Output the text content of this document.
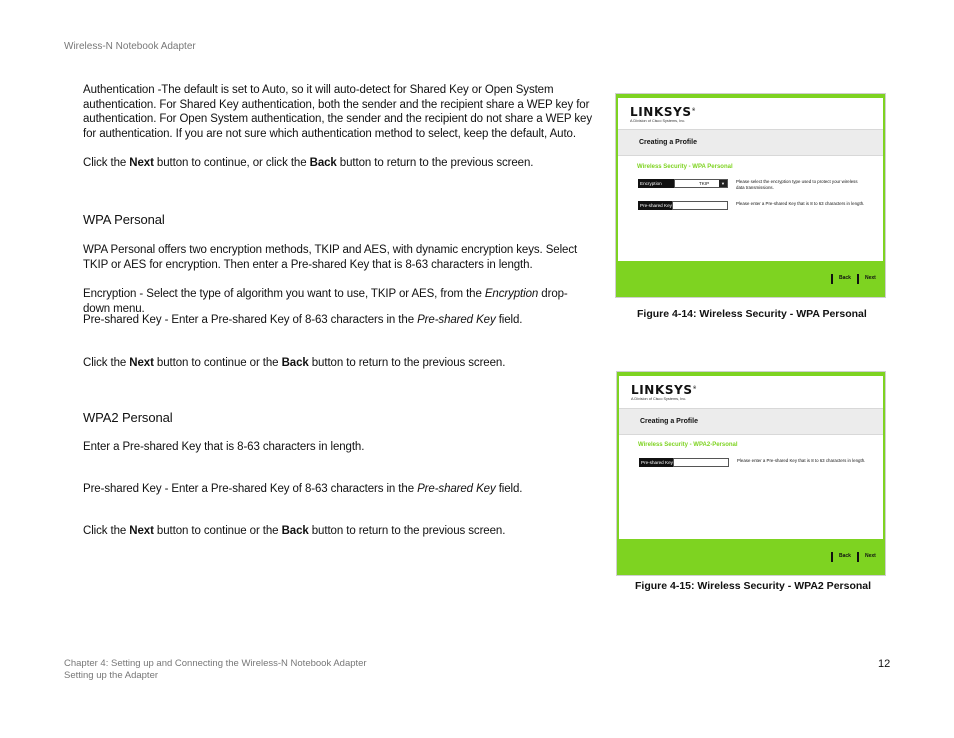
Wireless-N Notebook Adapter

Authentication -The default is set to Auto, so it will auto-detect for Shared Key or Open System authentication. For Shared Key authentication, both the sender and the recipient share a WEP key for authentication. For Open System authentication, the sender and the recipient do not share a WEP key for authentication. If you are not sure which authentication method to select, keep the default, Auto.

Click the Next button to continue, or click the Back button to return to the previous screen.

WPA Personal

WPA Personal offers two encryption methods, TKIP and AES, with dynamic encryption keys. Select TKIP or AES for encryption. Then enter a Pre-shared Key that is 8-63 characters in length.

Encryption - Select the type of algorithm you want to use, TKIP or AES, from the Encryption drop-down menu.

Pre-shared Key - Enter a Pre-shared Key of 8-63 characters in the Pre-shared Key field.

Click the Next button to continue or the Back button to return to the previous screen.

WPA2 Personal

Enter a Pre-shared Key that is 8-63 characters in length.

Pre-shared Key - Enter a Pre-shared Key of 8-63 characters in the Pre-shared Key field.

Click the Next button to continue or the Back button to return to the previous screen.

LINKSYS®
A Division of Cisco Systems, Inc.
Creating a Profile
Wireless Security - WPA Personal
Encryption	TKIP	▼	Please select the encryption type used to protect your wireless data transmissions.
Pre-shared Key	Please enter a Pre-shared Key that is 8 to 63 characters in length.
Back	Next
Figure 4-14: Wireless Security - WPA Personal
LINKSYS®
A Division of Cisco Systems, Inc.
Creating a Profile
Wireless Security - WPA2-Personal
Pre-shared Key	Please enter a Pre-shared Key that is 8 to 63 characters in length.
Back	Next
Figure 4-15: Wireless Security - WPA2 Personal
Chapter 4: Setting up and Connecting the Wireless-N Notebook Adapter
Setting up the Adapter
12
